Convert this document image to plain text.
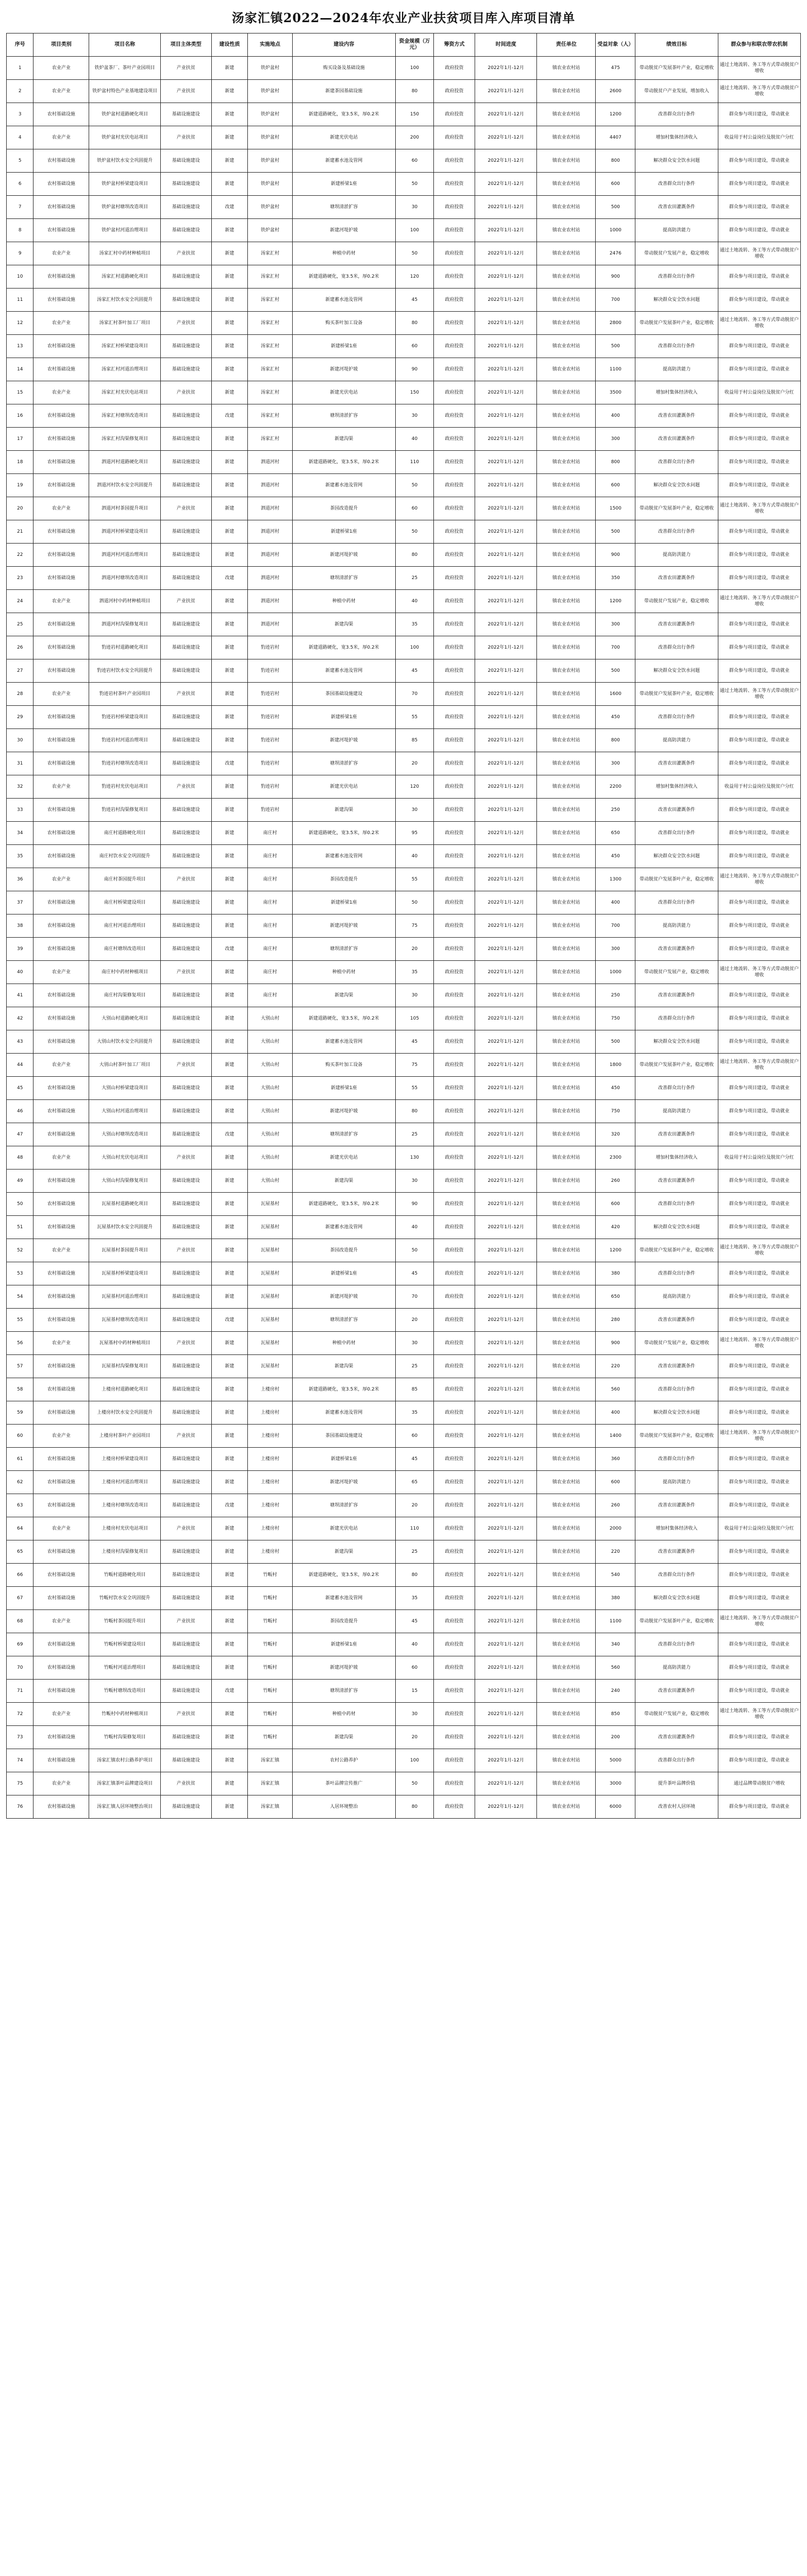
汤家汇镇2022—2024年农业产业扶贫项目库入库项目清单
序号	项目类别	项目名称	项目主体类型	建设性质	实施地点	建设内容	资金规模（万元）	筹资方式	时间进度	责任单位	受益对象（人）	绩效目标	群众参与和联农带农机制
1	农业产业	铁炉盆茶厂、茶叶产业园项目	产业扶贫	新建	铁炉盆村	购买设备及基础设施	100	政府投资	2022年1月-12月	镇农业农村站	475	带动脱贫户发展茶叶产业，稳定增收	通过土地流转、务工等方式带动脱贫户增收
2	农业产业	铁炉盆村特色产业基地建设项目	产业扶贫	新建	铁炉盆村	新建茶园基础设施	80	政府投资	2022年1月-12月	镇农业农村站	2600	带动脱贫户产业发展，增加收入	通过土地流转、务工等方式带动脱贫户增收
3	农村基础设施	铁炉盆村道路硬化项目	基础设施建设	新建	铁炉盆村	新建道路硬化，宽3.5米，厚0.2米	150	政府投资	2022年1月-12月	镇农业农村站	1200	改善群众出行条件	群众参与项目建设，带动就业
4	农业产业	铁炉盆村光伏电站项目	产业扶贫	新建	铁炉盆村	新建光伏电站	200	政府投资	2022年1月-12月	镇农业农村站	4407	增加村集体经济收入	收益用于村公益岗位及脱贫户分红
5	农村基础设施	铁炉盆村饮水安全巩固提升	基础设施建设	新建	铁炉盆村	新建蓄水池及管网	60	政府投资	2022年1月-12月	镇农业农村站	800	解决群众安全饮水问题	群众参与项目建设，带动就业
6	农村基础设施	铁炉盆村桥梁建设项目	基础设施建设	新建	铁炉盆村	新建桥梁1座	50	政府投资	2022年1月-12月	镇农业农村站	600	改善群众出行条件	群众参与项目建设，带动就业
7	农村基础设施	铁炉盆村塘坝改造项目	基础设施建设	改建	铁炉盆村	塘坝清淤扩容	30	政府投资	2022年1月-12月	镇农业农村站	500	改善农田灌溉条件	群众参与项目建设，带动就业
8	农村基础设施	铁炉盆村河道治理项目	基础设施建设	新建	铁炉盆村	新建河堤护坡	100	政府投资	2022年1月-12月	镇农业农村站	1000	提高防洪能力	群众参与项目建设，带动就业
9	农业产业	汤家汇村中药材种植项目	产业扶贫	新建	汤家汇村	种植中药材	50	政府投资	2022年1月-12月	镇农业农村站	2476	带动脱贫户发展产业，稳定增收	通过土地流转、务工等方式带动脱贫户增收
10	农村基础设施	汤家汇村道路硬化项目	基础设施建设	新建	汤家汇村	新建道路硬化，宽3.5米，厚0.2米	120	政府投资	2022年1月-12月	镇农业农村站	900	改善群众出行条件	群众参与项目建设，带动就业
11	农村基础设施	汤家汇村饮水安全巩固提升	基础设施建设	新建	汤家汇村	新建蓄水池及管网	45	政府投资	2022年1月-12月	镇农业农村站	700	解决群众安全饮水问题	群众参与项目建设，带动就业
12	农业产业	汤家汇村茶叶加工厂项目	产业扶贫	新建	汤家汇村	购买茶叶加工设备	80	政府投资	2022年1月-12月	镇农业农村站	2800	带动脱贫户发展茶叶产业，稳定增收	通过土地流转、务工等方式带动脱贫户增收
13	农村基础设施	汤家汇村桥梁建设项目	基础设施建设	新建	汤家汇村	新建桥梁1座	60	政府投资	2022年1月-12月	镇农业农村站	500	改善群众出行条件	群众参与项目建设，带动就业
14	农村基础设施	汤家汇村河道治理项目	基础设施建设	新建	汤家汇村	新建河堤护坡	90	政府投资	2022年1月-12月	镇农业农村站	1100	提高防洪能力	群众参与项目建设，带动就业
15	农业产业	汤家汇村光伏电站项目	产业扶贫	新建	汤家汇村	新建光伏电站	150	政府投资	2022年1月-12月	镇农业农村站	3500	增加村集体经济收入	收益用于村公益岗位及脱贫户分红
16	农村基础设施	汤家汇村塘坝改造项目	基础设施建设	改建	汤家汇村	塘坝清淤扩容	30	政府投资	2022年1月-12月	镇农业农村站	400	改善农田灌溉条件	群众参与项目建设，带动就业
17	农村基础设施	汤家汇村沟渠修复项目	基础设施建设	新建	汤家汇村	新建沟渠	40	政府投资	2022年1月-12月	镇农业农村站	300	改善农田灌溉条件	群众参与项目建设，带动就业
18	农村基础设施	泗道河村道路硬化项目	基础设施建设	新建	泗道河村	新建道路硬化，宽3.5米，厚0.2米	110	政府投资	2022年1月-12月	镇农业农村站	800	改善群众出行条件	群众参与项目建设，带动就业
19	农村基础设施	泗道河村饮水安全巩固提升	基础设施建设	新建	泗道河村	新建蓄水池及管网	50	政府投资	2022年1月-12月	镇农业农村站	600	解决群众安全饮水问题	群众参与项目建设，带动就业
20	农业产业	泗道河村茶园提升项目	产业扶贫	新建	泗道河村	茶园改造提升	60	政府投资	2022年1月-12月	镇农业农村站	1500	带动脱贫户发展茶叶产业，稳定增收	通过土地流转、务工等方式带动脱贫户增收
21	农村基础设施	泗道河村桥梁建设项目	基础设施建设	新建	泗道河村	新建桥梁1座	50	政府投资	2022年1月-12月	镇农业农村站	500	改善群众出行条件	群众参与项目建设，带动就业
22	农村基础设施	泗道河村河道治理项目	基础设施建设	新建	泗道河村	新建河堤护坡	80	政府投资	2022年1月-12月	镇农业农村站	900	提高防洪能力	群众参与项目建设，带动就业
23	农村基础设施	泗道河村塘坝改造项目	基础设施建设	改建	泗道河村	塘坝清淤扩容	25	政府投资	2022年1月-12月	镇农业农村站	350	改善农田灌溉条件	群众参与项目建设，带动就业
24	农业产业	泗道河村中药材种植项目	产业扶贫	新建	泗道河村	种植中药材	40	政府投资	2022年1月-12月	镇农业农村站	1200	带动脱贫户发展产业，稳定增收	通过土地流转、务工等方式带动脱贫户增收
25	农村基础设施	泗道河村沟渠修复项目	基础设施建设	新建	泗道河村	新建沟渠	35	政府投资	2022年1月-12月	镇农业农村站	300	改善农田灌溉条件	群众参与项目建设，带动就业
26	农村基础设施	豹迹岩村道路硬化项目	基础设施建设	新建	豹迹岩村	新建道路硬化，宽3.5米，厚0.2米	100	政府投资	2022年1月-12月	镇农业农村站	700	改善群众出行条件	群众参与项目建设，带动就业
27	农村基础设施	豹迹岩村饮水安全巩固提升	基础设施建设	新建	豹迹岩村	新建蓄水池及管网	45	政府投资	2022年1月-12月	镇农业农村站	500	解决群众安全饮水问题	群众参与项目建设，带动就业
28	农业产业	豹迹岩村茶叶产业园项目	产业扶贫	新建	豹迹岩村	茶园基础设施建设	70	政府投资	2022年1月-12月	镇农业农村站	1600	带动脱贫户发展茶叶产业，稳定增收	通过土地流转、务工等方式带动脱贫户增收
29	农村基础设施	豹迹岩村桥梁建设项目	基础设施建设	新建	豹迹岩村	新建桥梁1座	55	政府投资	2022年1月-12月	镇农业农村站	450	改善群众出行条件	群众参与项目建设，带动就业
30	农村基础设施	豹迹岩村河道治理项目	基础设施建设	新建	豹迹岩村	新建河堤护坡	85	政府投资	2022年1月-12月	镇农业农村站	800	提高防洪能力	群众参与项目建设，带动就业
31	农村基础设施	豹迹岩村塘坝改造项目	基础设施建设	改建	豹迹岩村	塘坝清淤扩容	20	政府投资	2022年1月-12月	镇农业农村站	300	改善农田灌溉条件	群众参与项目建设，带动就业
32	农业产业	豹迹岩村光伏电站项目	产业扶贫	新建	豹迹岩村	新建光伏电站	120	政府投资	2022年1月-12月	镇农业农村站	2200	增加村集体经济收入	收益用于村公益岗位及脱贫户分红
33	农村基础设施	豹迹岩村沟渠修复项目	基础设施建设	新建	豹迹岩村	新建沟渠	30	政府投资	2022年1月-12月	镇农业农村站	250	改善农田灌溉条件	群众参与项目建设，带动就业
34	农村基础设施	南庄村道路硬化项目	基础设施建设	新建	南庄村	新建道路硬化，宽3.5米，厚0.2米	95	政府投资	2022年1月-12月	镇农业农村站	650	改善群众出行条件	群众参与项目建设，带动就业
35	农村基础设施	南庄村饮水安全巩固提升	基础设施建设	新建	南庄村	新建蓄水池及管网	40	政府投资	2022年1月-12月	镇农业农村站	450	解决群众安全饮水问题	群众参与项目建设，带动就业
36	农业产业	南庄村茶园提升项目	产业扶贫	新建	南庄村	茶园改造提升	55	政府投资	2022年1月-12月	镇农业农村站	1300	带动脱贫户发展茶叶产业，稳定增收	通过土地流转、务工等方式带动脱贫户增收
37	农村基础设施	南庄村桥梁建设项目	基础设施建设	新建	南庄村	新建桥梁1座	50	政府投资	2022年1月-12月	镇农业农村站	400	改善群众出行条件	群众参与项目建设，带动就业
38	农村基础设施	南庄村河道治理项目	基础设施建设	新建	南庄村	新建河堤护坡	75	政府投资	2022年1月-12月	镇农业农村站	700	提高防洪能力	群众参与项目建设，带动就业
39	农村基础设施	南庄村塘坝改造项目	基础设施建设	改建	南庄村	塘坝清淤扩容	20	政府投资	2022年1月-12月	镇农业农村站	300	改善农田灌溉条件	群众参与项目建设，带动就业
40	农业产业	南庄村中药材种植项目	产业扶贫	新建	南庄村	种植中药材	35	政府投资	2022年1月-12月	镇农业农村站	1000	带动脱贫户发展产业，稳定增收	通过土地流转、务工等方式带动脱贫户增收
41	农村基础设施	南庄村沟渠修复项目	基础设施建设	新建	南庄村	新建沟渠	30	政府投资	2022年1月-12月	镇农业农村站	250	改善农田灌溉条件	群众参与项目建设，带动就业
42	农村基础设施	大别山村道路硬化项目	基础设施建设	新建	大别山村	新建道路硬化，宽3.5米，厚0.2米	105	政府投资	2022年1月-12月	镇农业农村站	750	改善群众出行条件	群众参与项目建设，带动就业
43	农村基础设施	大别山村饮水安全巩固提升	基础设施建设	新建	大别山村	新建蓄水池及管网	45	政府投资	2022年1月-12月	镇农业农村站	500	解决群众安全饮水问题	群众参与项目建设，带动就业
44	农业产业	大别山村茶叶加工厂项目	产业扶贫	新建	大别山村	购买茶叶加工设备	75	政府投资	2022年1月-12月	镇农业农村站	1800	带动脱贫户发展茶叶产业，稳定增收	通过土地流转、务工等方式带动脱贫户增收
45	农村基础设施	大别山村桥梁建设项目	基础设施建设	新建	大别山村	新建桥梁1座	55	政府投资	2022年1月-12月	镇农业农村站	450	改善群众出行条件	群众参与项目建设，带动就业
46	农村基础设施	大别山村河道治理项目	基础设施建设	新建	大别山村	新建河堤护坡	80	政府投资	2022年1月-12月	镇农业农村站	750	提高防洪能力	群众参与项目建设，带动就业
47	农村基础设施	大别山村塘坝改造项目	基础设施建设	改建	大别山村	塘坝清淤扩容	25	政府投资	2022年1月-12月	镇农业农村站	320	改善农田灌溉条件	群众参与项目建设，带动就业
48	农业产业	大别山村光伏电站项目	产业扶贫	新建	大别山村	新建光伏电站	130	政府投资	2022年1月-12月	镇农业农村站	2300	增加村集体经济收入	收益用于村公益岗位及脱贫户分红
49	农村基础设施	大别山村沟渠修复项目	基础设施建设	新建	大别山村	新建沟渠	30	政府投资	2022年1月-12月	镇农业农村站	260	改善农田灌溉条件	群众参与项目建设，带动就业
50	农村基础设施	瓦屋基村道路硬化项目	基础设施建设	新建	瓦屋基村	新建道路硬化，宽3.5米，厚0.2米	90	政府投资	2022年1月-12月	镇农业农村站	600	改善群众出行条件	群众参与项目建设，带动就业
51	农村基础设施	瓦屋基村饮水安全巩固提升	基础设施建设	新建	瓦屋基村	新建蓄水池及管网	40	政府投资	2022年1月-12月	镇农业农村站	420	解决群众安全饮水问题	群众参与项目建设，带动就业
52	农业产业	瓦屋基村茶园提升项目	产业扶贫	新建	瓦屋基村	茶园改造提升	50	政府投资	2022年1月-12月	镇农业农村站	1200	带动脱贫户发展茶叶产业，稳定增收	通过土地流转、务工等方式带动脱贫户增收
53	农村基础设施	瓦屋基村桥梁建设项目	基础设施建设	新建	瓦屋基村	新建桥梁1座	45	政府投资	2022年1月-12月	镇农业农村站	380	改善群众出行条件	群众参与项目建设，带动就业
54	农村基础设施	瓦屋基村河道治理项目	基础设施建设	新建	瓦屋基村	新建河堤护坡	70	政府投资	2022年1月-12月	镇农业农村站	650	提高防洪能力	群众参与项目建设，带动就业
55	农村基础设施	瓦屋基村塘坝改造项目	基础设施建设	改建	瓦屋基村	塘坝清淤扩容	20	政府投资	2022年1月-12月	镇农业农村站	280	改善农田灌溉条件	群众参与项目建设，带动就业
56	农业产业	瓦屋基村中药材种植项目	产业扶贫	新建	瓦屋基村	种植中药材	30	政府投资	2022年1月-12月	镇农业农村站	900	带动脱贫户发展产业，稳定增收	通过土地流转、务工等方式带动脱贫户增收
57	农村基础设施	瓦屋基村沟渠修复项目	基础设施建设	新建	瓦屋基村	新建沟渠	25	政府投资	2022年1月-12月	镇农业农村站	220	改善农田灌溉条件	群众参与项目建设，带动就业
58	农村基础设施	上楼房村道路硬化项目	基础设施建设	新建	上楼房村	新建道路硬化，宽3.5米，厚0.2米	85	政府投资	2022年1月-12月	镇农业农村站	560	改善群众出行条件	群众参与项目建设，带动就业
59	农村基础设施	上楼房村饮水安全巩固提升	基础设施建设	新建	上楼房村	新建蓄水池及管网	35	政府投资	2022年1月-12月	镇农业农村站	400	解决群众安全饮水问题	群众参与项目建设，带动就业
60	农业产业	上楼房村茶叶产业园项目	产业扶贫	新建	上楼房村	茶园基础设施建设	60	政府投资	2022年1月-12月	镇农业农村站	1400	带动脱贫户发展茶叶产业，稳定增收	通过土地流转、务工等方式带动脱贫户增收
61	农村基础设施	上楼房村桥梁建设项目	基础设施建设	新建	上楼房村	新建桥梁1座	45	政府投资	2022年1月-12月	镇农业农村站	360	改善群众出行条件	群众参与项目建设，带动就业
62	农村基础设施	上楼房村河道治理项目	基础设施建设	新建	上楼房村	新建河堤护坡	65	政府投资	2022年1月-12月	镇农业农村站	600	提高防洪能力	群众参与项目建设，带动就业
63	农村基础设施	上楼房村塘坝改造项目	基础设施建设	改建	上楼房村	塘坝清淤扩容	20	政府投资	2022年1月-12月	镇农业农村站	260	改善农田灌溉条件	群众参与项目建设，带动就业
64	农业产业	上楼房村光伏电站项目	产业扶贫	新建	上楼房村	新建光伏电站	110	政府投资	2022年1月-12月	镇农业农村站	2000	增加村集体经济收入	收益用于村公益岗位及脱贫户分红
65	农村基础设施	上楼房村沟渠修复项目	基础设施建设	新建	上楼房村	新建沟渠	25	政府投资	2022年1月-12月	镇农业农村站	220	改善农田灌溉条件	群众参与项目建设，带动就业
66	农村基础设施	竹畈村道路硬化项目	基础设施建设	新建	竹畈村	新建道路硬化，宽3.5米，厚0.2米	80	政府投资	2022年1月-12月	镇农业农村站	540	改善群众出行条件	群众参与项目建设，带动就业
67	农村基础设施	竹畈村饮水安全巩固提升	基础设施建设	新建	竹畈村	新建蓄水池及管网	35	政府投资	2022年1月-12月	镇农业农村站	380	解决群众安全饮水问题	群众参与项目建设，带动就业
68	农业产业	竹畈村茶园提升项目	产业扶贫	新建	竹畈村	茶园改造提升	45	政府投资	2022年1月-12月	镇农业农村站	1100	带动脱贫户发展茶叶产业，稳定增收	通过土地流转、务工等方式带动脱贫户增收
69	农村基础设施	竹畈村桥梁建设项目	基础设施建设	新建	竹畈村	新建桥梁1座	40	政府投资	2022年1月-12月	镇农业农村站	340	改善群众出行条件	群众参与项目建设，带动就业
70	农村基础设施	竹畈村河道治理项目	基础设施建设	新建	竹畈村	新建河堤护坡	60	政府投资	2022年1月-12月	镇农业农村站	560	提高防洪能力	群众参与项目建设，带动就业
71	农村基础设施	竹畈村塘坝改造项目	基础设施建设	改建	竹畈村	塘坝清淤扩容	15	政府投资	2022年1月-12月	镇农业农村站	240	改善农田灌溉条件	群众参与项目建设，带动就业
72	农业产业	竹畈村中药材种植项目	产业扶贫	新建	竹畈村	种植中药材	30	政府投资	2022年1月-12月	镇农业农村站	850	带动脱贫户发展产业，稳定增收	通过土地流转、务工等方式带动脱贫户增收
73	农村基础设施	竹畈村沟渠修复项目	基础设施建设	新建	竹畈村	新建沟渠	20	政府投资	2022年1月-12月	镇农业农村站	200	改善农田灌溉条件	群众参与项目建设，带动就业
74	农村基础设施	汤家汇镇农村公路养护项目	基础设施建设	新建	汤家汇镇	农村公路养护	100	政府投资	2022年1月-12月	镇农业农村站	5000	改善群众出行条件	群众参与项目建设，带动就业
75	农业产业	汤家汇镇茶叶品牌建设项目	产业扶贫	新建	汤家汇镇	茶叶品牌宣传推广	50	政府投资	2022年1月-12月	镇农业农村站	3000	提升茶叶品牌价值	通过品牌带动脱贫户增收
76	农村基础设施	汤家汇镇人居环境整治项目	基础设施建设	新建	汤家汇镇	人居环境整治	80	政府投资	2022年1月-12月	镇农业农村站	6000	改善农村人居环境	群众参与项目建设，带动就业
